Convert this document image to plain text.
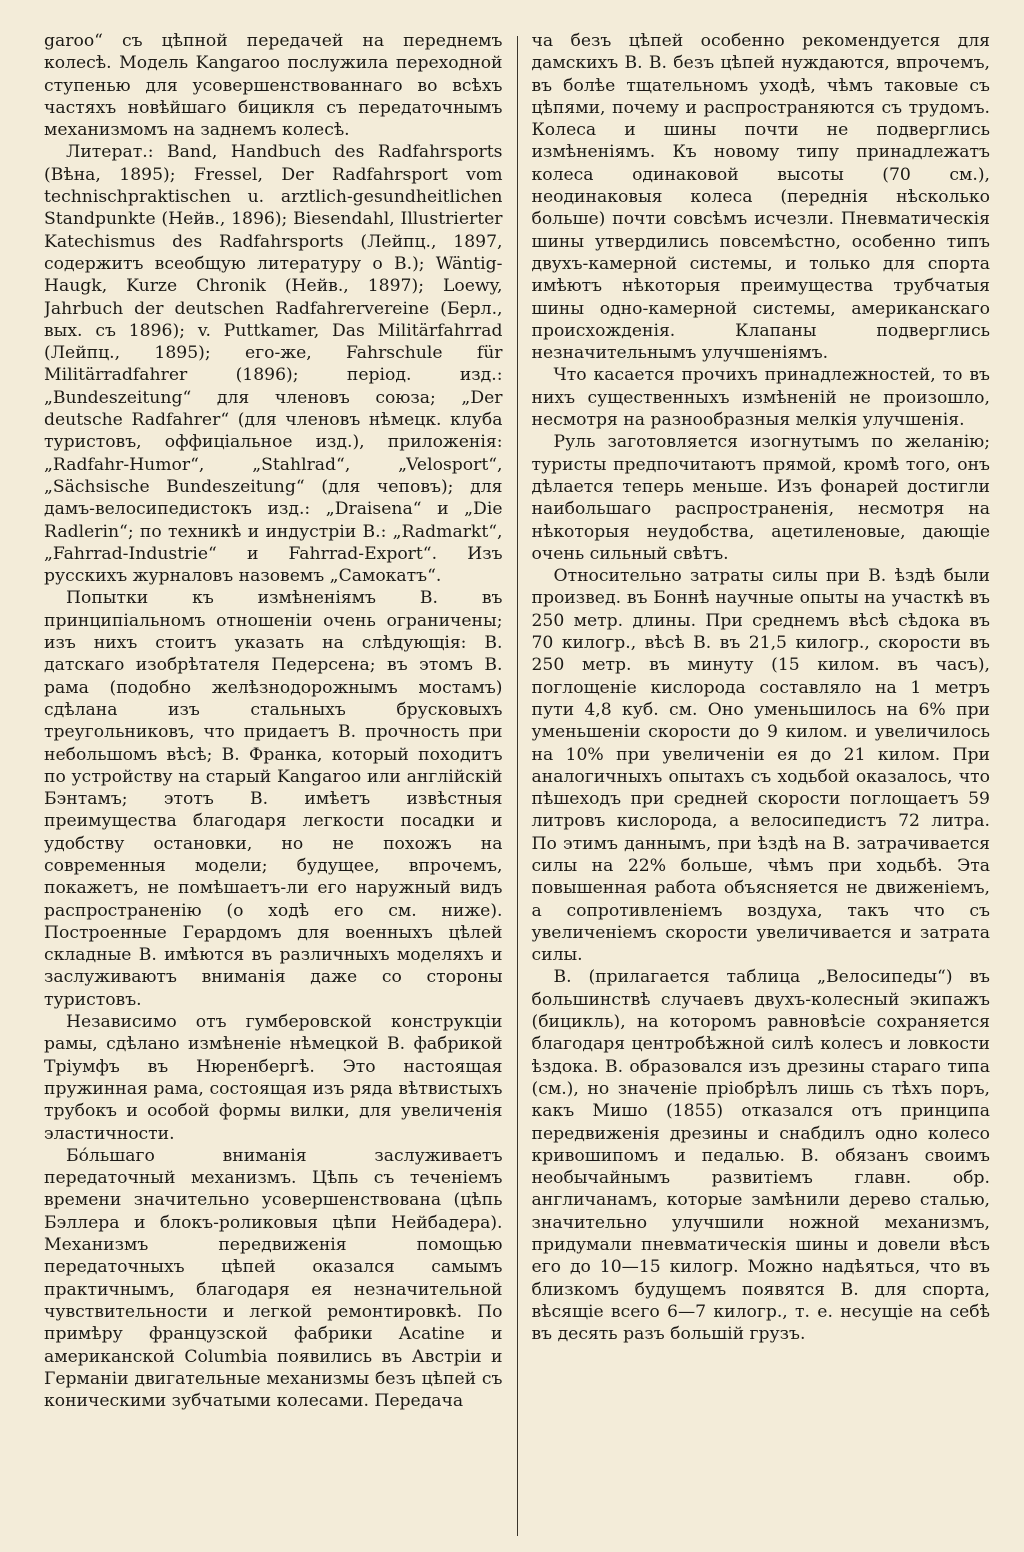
garoo“ съ цѣпной передачей на переднемъ колесѣ. Модель Kangaroo послужила переходной ступенью для усовершенствованнаго во всѣхъ частяхъ новѣйшаго бицикля съ передаточнымъ механизмомъ на заднемъ колесѣ.

Литерат.: Band, Handbuch des Radfahrsports (Вѣна, 1895); Fressel, Der Radfahrsport vom technischpraktischen u. arztlich-gesundheitlichen Standpunkte (Нейв., 1896); Biesendahl, Illustrierter Katechismus des Radfahrsports (Лейпц., 1897, содержитъ всеобщую литературу о В.); Wäntig-Haugk, Kurze Chronik (Нейв., 1897); Loewy, Jahrbuch der deutschen Radfahrervereine (Берл., вых. съ 1896); v. Puttkamer, Das Militärfahrrad (Лейпц., 1895); его-же, Fahrschule für Militärradfahrer (1896); період. изд.: „Bundeszeitung“ для членовъ союза; „Der deutsche Radfahrer“ (для членовъ нѣмецк. клуба туристовъ, оффиціальное изд.), приложенія: „Radfahr-Humor“, „Stahlrad“, „Velosport“, „Sächsische Bundeszeitung“ (для чеповъ); для дамъ-велосипедистокъ изд.: „Draisena“ и „Die Radlerin“; по техникѣ и индустріи В.: „Radmarkt“, „Fahrrad-Industrie“ и Fahrrad-Export“. Изъ русскихъ журналовъ назовемъ „Самокатъ“.

Попытки къ измѣненіямъ В. въ принципіальномъ отношеніи очень ограничены; изъ нихъ стоитъ указать на слѣдующія: В. датскаго изобрѣтателя Педерсена; въ этомъ В. рама (подобно желѣзнодорожнымъ мостамъ) сдѣлана изъ стальныхъ брусковыхъ треугольниковъ, что придаетъ В. прочность при небольшомъ вѣсѣ; В. Франка, который походитъ по устройству на старый Kangaroo или англійскій Бэнтамъ; этотъ В. имѣетъ извѣстныя преимущества благодаря легкости посадки и удобству остановки, но не похожъ на современныя модели; будущее, впрочемъ, покажетъ, не помѣшаетъ-ли его наружный видъ распространенію (о ходѣ его см. ниже). Построенные Герардомъ для военныхъ цѣлей складные В. имѣются въ различныхъ моделяхъ и заслуживаютъ вниманія даже со стороны туристовъ.

Независимо отъ гумберовской конструкціи рамы, сдѣлано измѣненіе нѣмецкой В. фабрикой Тріумфъ въ Нюренбергѣ. Это настоящая пружинная рама, состоящая изъ ряда вѣтвистыхъ трубокъ и особой формы вилки, для увеличенія эластичности.

Бо́льшаго вниманія заслуживаетъ передаточный механизмъ. Цѣпь съ теченіемъ времени значительно усовершенствована (цѣпь Бэллера и блокъ-роликовыя цѣпи Нейбадера). Механизмъ передвиженія помощью передаточныхъ цѣпей оказался самымъ практичнымъ, благодаря ея незначительной чувствительности и легкой ремонтировкѣ. По примѣру французской фабрики Acatine и американской Columbia появились въ Австріи и Германіи двигательные механизмы безъ цѣпей съ коническими зубчатыми колесами. Передача

ча безъ цѣпей особенно рекомендуется для дамскихъ В. В. безъ цѣпей нуждаются, впрочемъ, въ болѣе тщательномъ уходѣ, чѣмъ таковые съ цѣпями, почему и распространяются съ трудомъ. Колеса и шины почти не подверглись измѣненіямъ. Къ новому типу принадлежатъ колеса одинаковой высоты (70 см.), неодинаковыя колеса (переднія нѣсколько больше) почти совсѣмъ исчезли. Пневматическія шины утвердились повсемѣстно, особенно типъ двухъ-камерной системы, и только для спорта имѣютъ нѣкоторыя преимущества трубчатыя шины одно-камерной системы, американскаго происхожденія. Клапаны подверглись незначительнымъ улучшеніямъ.

Что касается прочихъ принадлежностей, то въ нихъ существенныхъ измѣненій не произошло, несмотря на разнообразныя мелкія улучшенія.

Руль заготовляется изогнутымъ по желанію; туристы предпочитаютъ прямой, кромѣ того, онъ дѣлается теперь меньше. Изъ фонарей достигли наибольшаго распространенія, несмотря на нѣкоторыя неудобства, ацетиленовые, дающіе очень сильный свѣтъ.

Относительно затраты силы при В. ѣздѣ были произвед. въ Боннѣ научные опыты на участкѣ въ 250 метр. длины. При среднемъ вѣсѣ сѣдока въ 70 килогр., вѣсѣ В. въ 21,5 килогр., скорости въ 250 метр. въ минуту (15 килом. въ часъ), поглощеніе кислорода составляло на 1 метръ пути 4,8 куб. см. Оно уменьшилось на 6% при уменьшеніи скорости до 9 килом. и увеличилось на 10% при увеличеніи ея до 21 килом. При аналогичныхъ опытахъ съ ходьбой оказалось, что пѣшеходъ при средней скорости поглощаетъ 59 литровъ кислорода, а велосипедистъ 72 литра. По этимъ даннымъ, при ѣздѣ на В. затрачивается силы на 22% больше, чѣмъ при ходьбѣ. Эта повышенная работа объясняется не движеніемъ, а сопротивленіемъ воздуха, такъ что съ увеличеніемъ скорости увеличивается и затрата силы.

В. (прилагается таблица „Велосипеды“) въ большинствѣ случаевъ двухъ-колесный экипажъ (бицикль), на которомъ равновѣсіе сохраняется благодаря центробѣжной силѣ колесъ и ловкости ѣздока. В. образовался изъ дрезины стараго типа (см.), но значеніе пріобрѣлъ лишь съ тѣхъ поръ, какъ Мишо (1855) отказался отъ принципа передвиженія дрезины и снабдилъ одно колесо кривошипомъ и педалью. В. обязанъ своимъ необычайнымъ развитіемъ главн. обр. англичанамъ, которые замѣнили дерево сталью, значительно улучшили ножной механизмъ, придумали пневматическія шины и довели вѣсъ его до 10—15 килогр. Можно надѣяться, что въ близкомъ будущемъ появятся В. для спорта, вѣсящіе всего 6—7 килогр., т. е. несущіе на себѣ въ десять разъ большій грузъ.
